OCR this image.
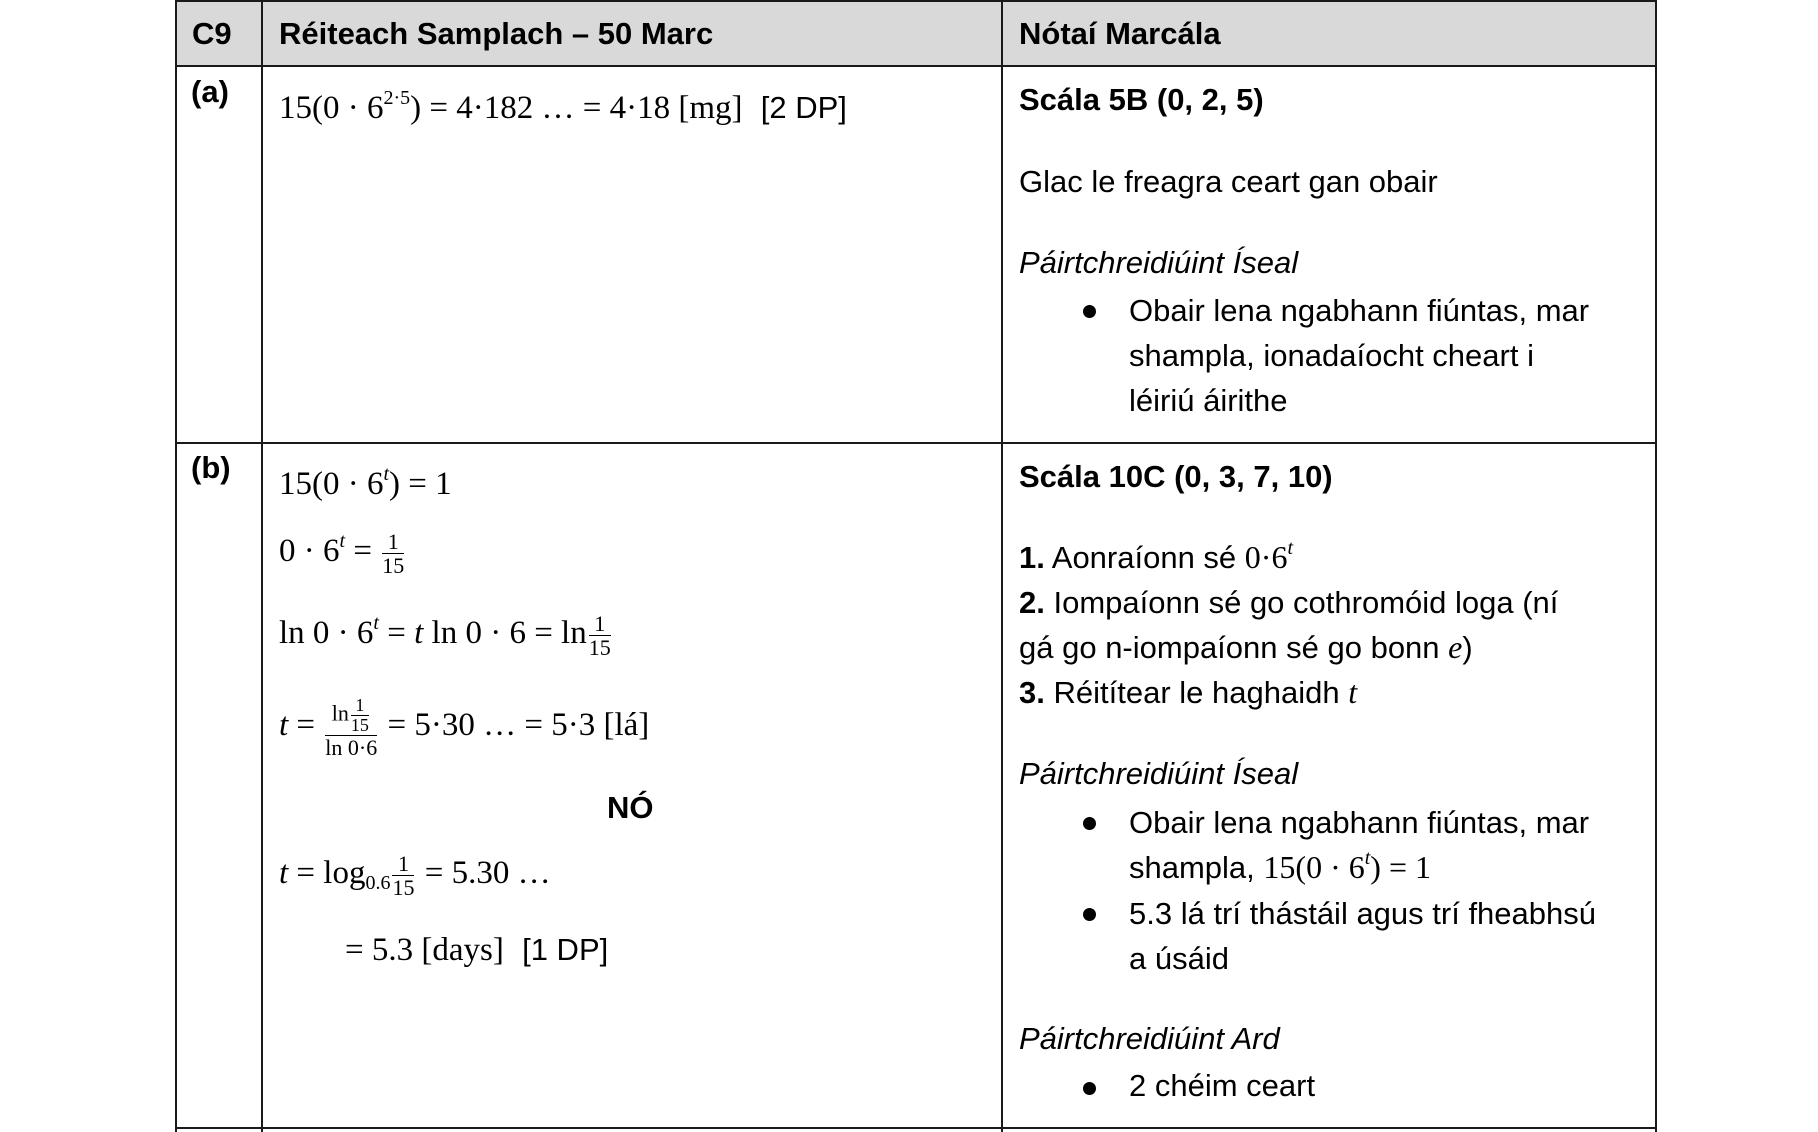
C9 Réiteach Samplach – 50 Marc	Nótaí Marcála
(a) $15(0 \cdot 6^{2\cdot 5}) = 4\cdot 182$ … = 4·18 [mg] [2 DP]	Scála 5B (0, 2, 5)
Glac le freagra ceart gan obair
Páirtchreidiúint Íseal
Obair lena ngabhann fiúntas, mar
shampla, ionadaíocht cheart i
léiriú áirithe
(b) $15(0 \cdot 6^t) = 1$
$0 \cdot 6^t = \frac{1}{15}$
$\ln 0 \cdot 6^t = t$ $\ln 0 \cdot 6 = \ln \frac{1}{15}$
$t = \frac{\ln \frac{1}{15}}{\ln 0\cdot 6} = 5\cdot 30$ … = 5·3 [lá]
NÓ
$t = \log_{0.6} \frac{1}{15} = 5.30$ …
= 5.3 [days] [1 DP]
Scála 10C (0, 3, 7, 10)
1. Aonraíonn sé $0\cdot 6^t$
2. Iompaíonn sé go cothromóid loga (ní
gá go n-iompaíonn sé go bonn e)
3. Réitítear le haghaidh t
Páirtchreidiúint Íseal
Obair lena ngabhann fiúntas, mar
shampla, $15(0 \cdot 6^t) = 1$
5.3 lá trí thástáil agus trí fheabhsú
a úsáid
Páirtchreidiúint Ard
2 chéim ceart
